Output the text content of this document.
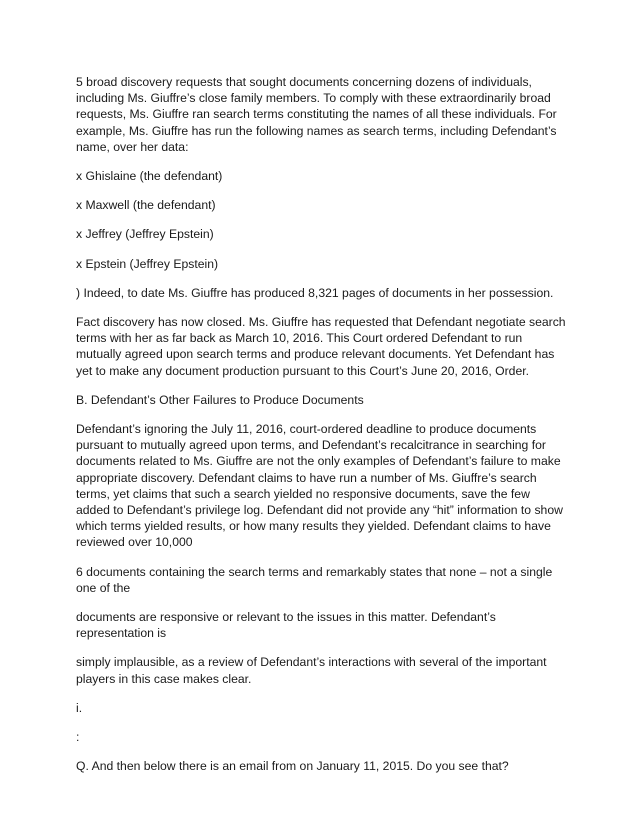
5 broad discovery requests that sought documents concerning dozens of individuals, including Ms. Giuffre’s close family members. To comply with these extraordinarily broad requests, Ms. Giuffre ran search terms constituting the names of all these individuals. For example, Ms. Giuffre has run the following names as search terms, including Defendant’s name, over her data:

x Ghislaine (the defendant)

x Maxwell (the defendant)

x Jeffrey (Jeffrey Epstein)

x Epstein (Jeffrey Epstein)

) Indeed, to date Ms. Giuffre has produced 8,321 pages of documents in her possession.

Fact discovery has now closed. Ms. Giuffre has requested that Defendant negotiate search terms with her as far back as March 10, 2016. This Court ordered Defendant to run mutually agreed upon search terms and produce relevant documents. Yet Defendant has yet to make any document production pursuant to this Court’s June 20, 2016, Order.

B. Defendant’s Other Failures to Produce Documents

Defendant’s ignoring the July 11, 2016, court-ordered deadline to produce documents pursuant to mutually agreed upon terms, and Defendant’s recalcitrance in searching for documents related to Ms. Giuffre are not the only examples of Defendant’s failure to make appropriate discovery. Defendant claims to have run a number of Ms. Giuffre’s search terms, yet claims that such a search yielded no responsive documents, save the few added to Defendant’s privilege log. Defendant did not provide any “hit” information to show which terms yielded results, or how many results they yielded. Defendant claims to have reviewed over 10,000

6 documents containing the search terms and remarkably states that none – not a single one of the

documents are responsive or relevant to the issues in this matter. Defendant’s representation is

simply implausible, as a review of Defendant’s interactions with several of the important players in this case makes clear.

i.

:

Q. And then below there is an email from on January 11, 2015. Do you see that?
